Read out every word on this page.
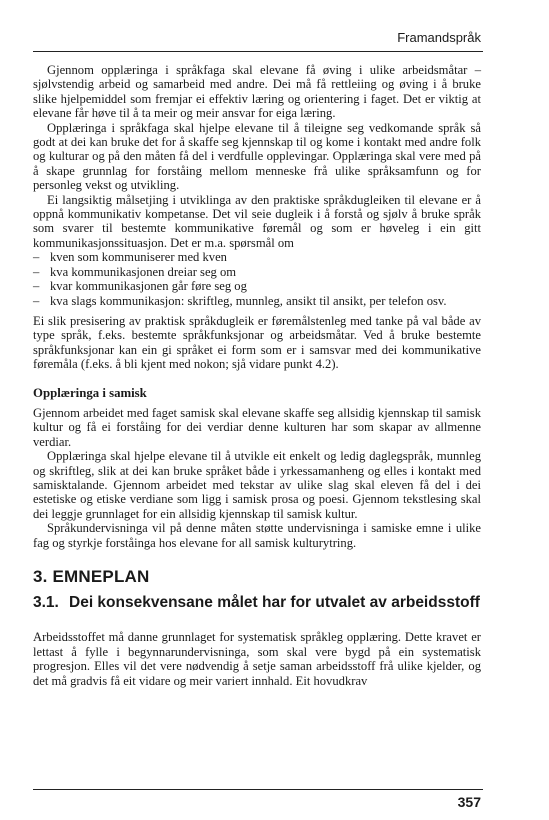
Framandspråk

Gjennom opplæringa i språkfaga skal elevane få øving i ulike arbeidsmåtar – sjølvstendig arbeid og samarbeid med andre. Dei må få rettleiing og øving i å bruke slike hjelpemiddel som fremjar ei effektiv læring og orientering i faget. Det er viktig at elevane får høve til å ta meir og meir ansvar for eiga læring.

Opplæringa i språkfaga skal hjelpe elevane til å tileigne seg vedkomande språk så godt at dei kan bruke det for å skaffe seg kjennskap til og kome i kontakt med andre folk og kulturar og på den måten få del i verdfulle opplevingar. Opplæringa skal vere med på å skape grunnlag for forståing mellom menneske frå ulike språksamfunn og for personleg vekst og utvikling.

Ei langsiktig målsetjing i utviklinga av den praktiske språkdugleiken til elevane er å oppnå kommunikativ kompetanse. Det vil seie dugleik i å forstå og sjølv å bruke språk som svarer til bestemte kommunikative føremål og som er høveleg i ein gitt kommunikasjonssituasjon. Det er m.a. spørsmål om

– kven som kommuniserer med kven
– kva kommunikasjonen dreiar seg om
– kvar kommunikasjonen går føre seg og
– kva slags kommunikasjon: skriftleg, munnleg, ansikt til ansikt, per telefon osv.

Ei slik presisering av praktisk språkdugleik er føremålstenleg med tanke på val både av type språk, f.eks. bestemte språkfunksjonar og arbeidsmåtar. Ved å bruke bestemte språkfunksjonar kan ein gi språket ei form som er i samsvar med dei kommunikative føremåla (f.eks. å bli kjent med nokon; sjå vidare punkt 4.2).

Opplæringa i samisk

Gjennom arbeidet med faget samisk skal elevane skaffe seg allsidig kjennskap til samisk kultur og få ei forståing for dei verdiar denne kulturen har som skapar av allmenne verdiar.

Opplæringa skal hjelpe elevane til å utvikle eit enkelt og ledig daglegspråk, munnleg og skriftleg, slik at dei kan bruke språket både i yrkessamanheng og elles i kontakt med samisktalande. Gjennom arbeidet med tekstar av ulike slag skal eleven få del i dei estetiske og etiske verdiane som ligg i samisk prosa og poesi. Gjennom tekstlesing skal dei leggje grunnlaget for ein allsidig kjennskap til samisk kultur.

Språkundervisninga vil på denne måten støtte undervisninga i samiske emne i ulike fag og styrkje forståinga hos elevane for all samisk kulturytring.

3. EMNEPLAN
3.1. Dei konsekvensane målet har for utvalet av arbeidsstoff

Arbeidsstoffet må danne grunnlaget for systematisk språkleg opplæring. Dette kravet er lettast å fylle i begynnarundervisninga, som skal vere bygd på ein systematisk progresjon. Elles vil det vere nødvendig å setje saman arbeidsstoff frå ulike kjelder, og det må gradvis få eit vidare og meir variert innhald. Eit hovudkrav

357
